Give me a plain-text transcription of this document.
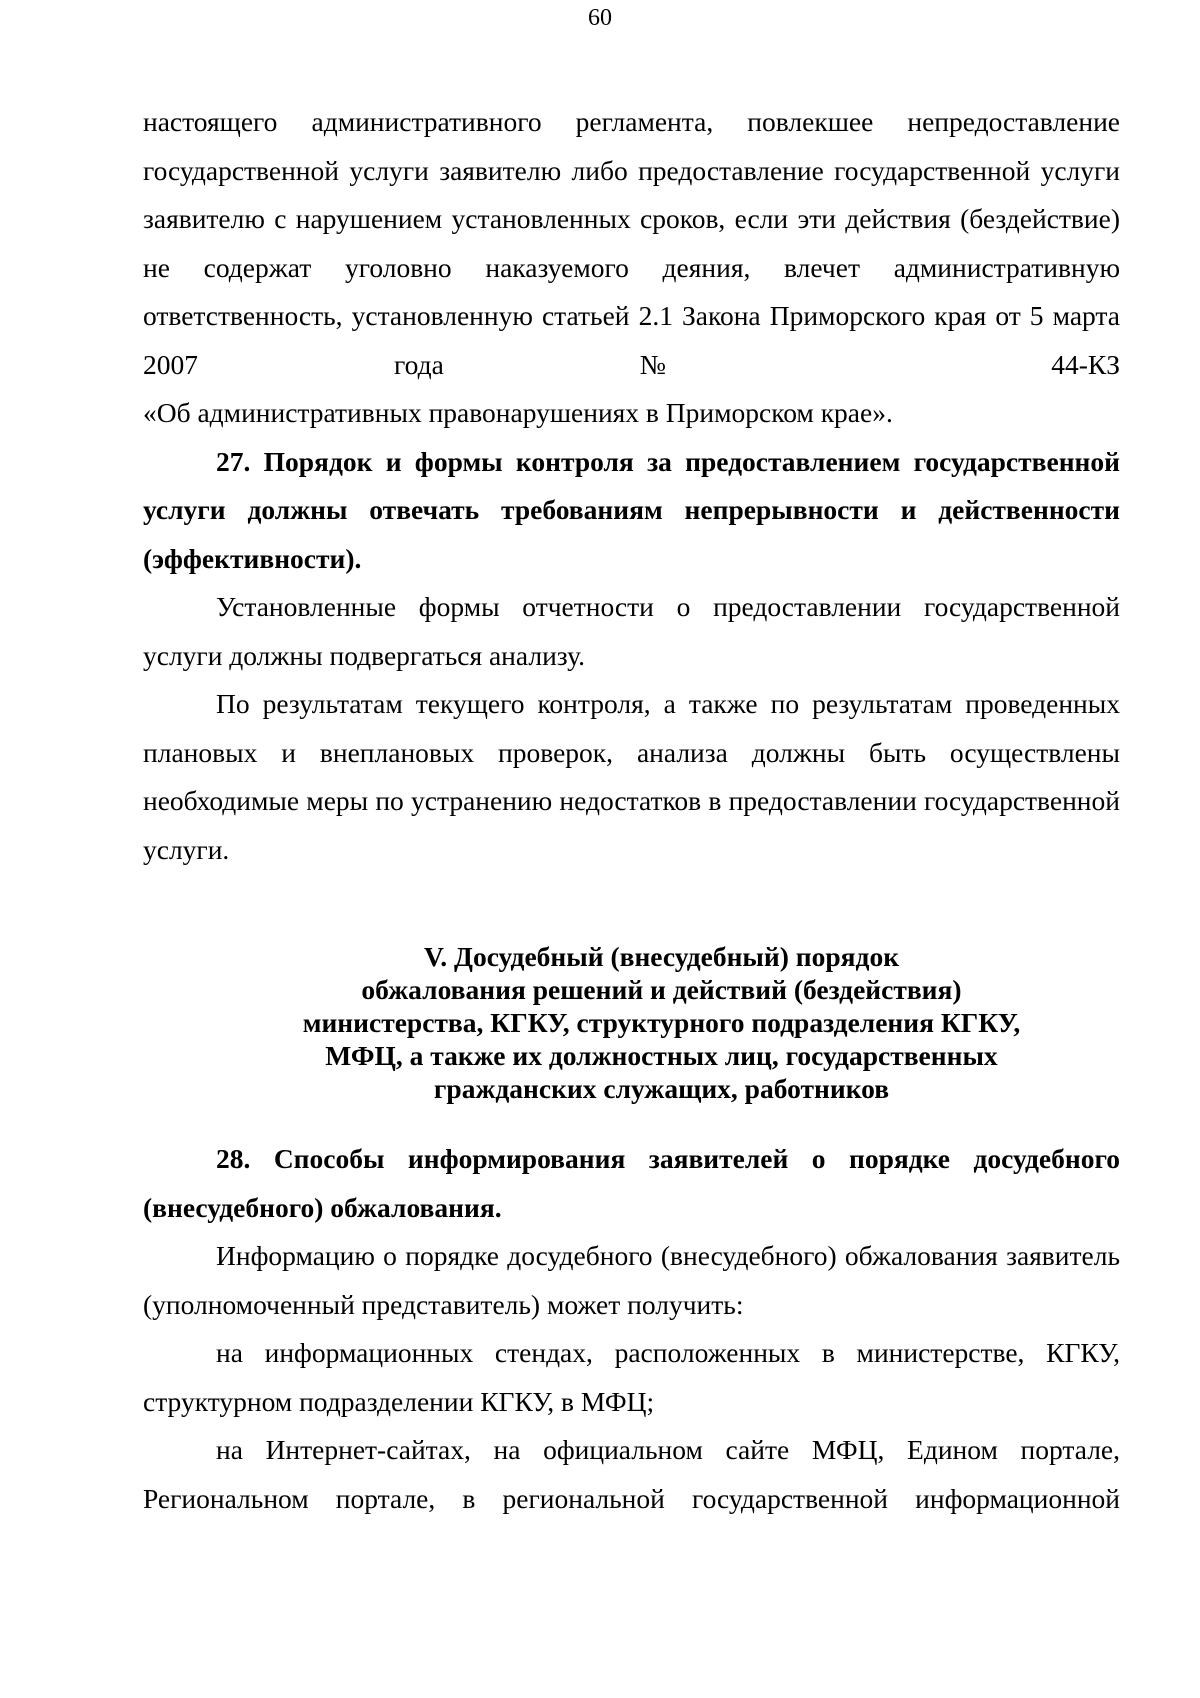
60

настоящего административного регламента, повлекшее непредоставление государственной услуги заявителю либо предоставление государственной услуги заявителю с нарушением установленных сроков, если эти действия (бездействие) не содержат уголовно наказуемого деяния, влечет административную ответственность, установленную статьей 2.1 Закона Приморского края от 5 марта 2007 года № 44-КЗ

«Об административных правонарушениях в Приморском крае».

27. Порядок и формы контроля за предоставлением государственной услуги должны отвечать требованиям непрерывности и действенности (эффективности).

Установленные формы отчетности о предоставлении государственной услуги должны подвергаться анализу.

По результатам текущего контроля, а также по результатам проведенных плановых и внеплановых проверок, анализа должны быть осуществлены необходимые меры по устранению недостатков в предоставлении государственной услуги.

V. Досудебный (внесудебный) порядок
обжалования решений и действий (бездействия)
министерства, КГКУ, структурного подразделения КГКУ,
МФЦ, а также их должностных лиц, государственных
гражданских служащих, работников

28. Способы информирования заявителей о порядке досудебного (внесудебного) обжалования.

Информацию о порядке досудебного (внесудебного) обжалования заявитель (уполномоченный представитель) может получить:

на информационных стендах, расположенных в министерстве, КГКУ, структурном подразделении КГКУ, в МФЦ;

на Интернет-сайтах, на официальном сайте МФЦ, Едином портале, Региональном портале, в региональной государственной информационной
